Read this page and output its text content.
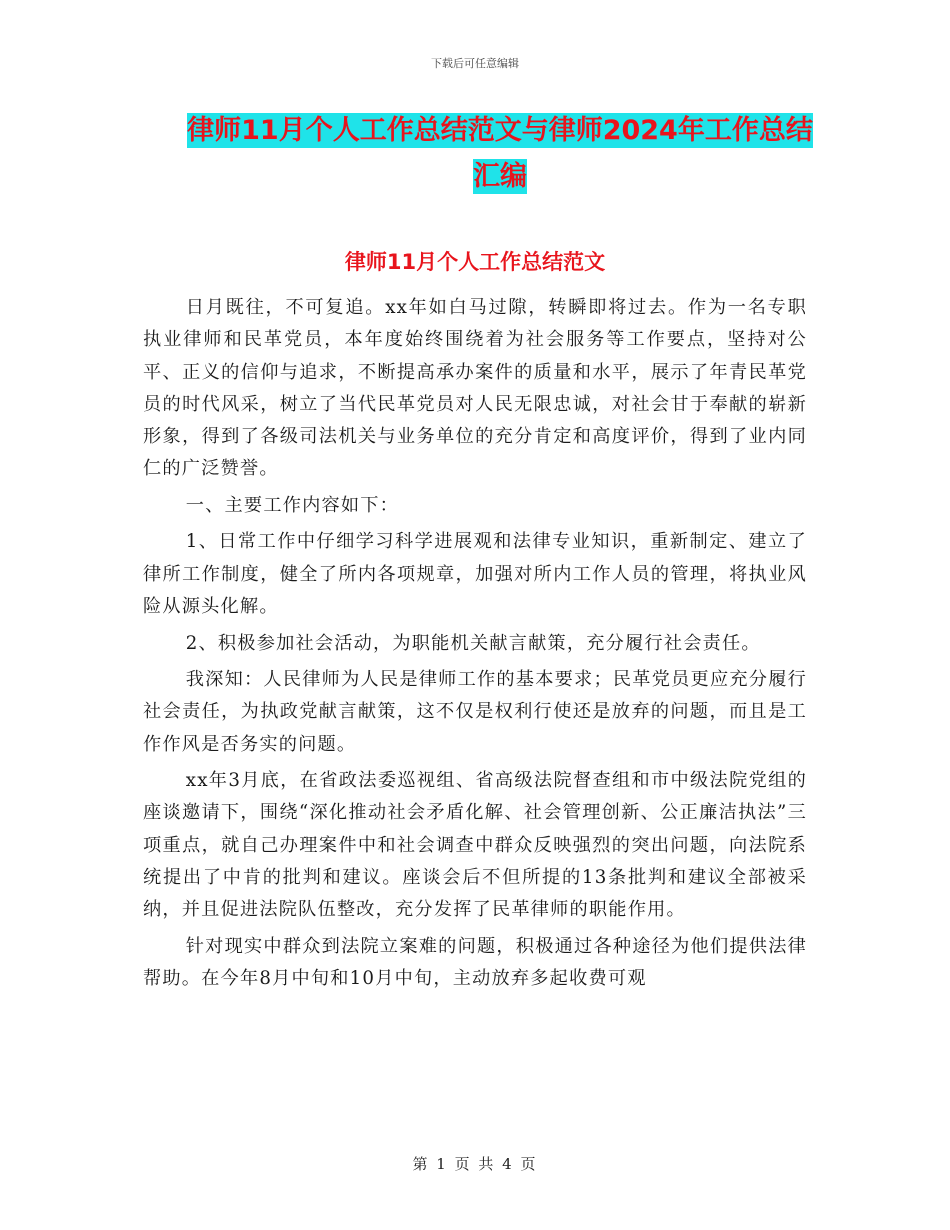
下载后可任意编辑
律师11月个人工作总结范文与律师2024年工作总结
汇编
律师11月个人工作总结范文

日月既往，不可复追。xx年如白马过隙，转瞬即将过去。作为一名专职执业律师和民革党员，本年度始终围绕着为社会服务等工作要点，坚持对公平、正义的信仰与追求，不断提高承办案件的质量和水平，展示了年青民革党员的时代风采，树立了当代民革党员对人民无限忠诚，对社会甘于奉献的崭新形象，得到了各级司法机关与业务单位的充分肯定和高度评价，得到了业内同仁的广泛赞誉。

一、主要工作内容如下：

1、日常工作中仔细学习科学进展观和法律专业知识，重新制定、建立了律所工作制度，健全了所内各项规章，加强对所内工作人员的管理，将执业风险从源头化解。

2、积极参加社会活动，为职能机关献言献策，充分履行社会责任。

我深知：人民律师为人民是律师工作的基本要求；民革党员更应充分履行社会责任，为执政党献言献策，这不仅是权利行使还是放弃的问题，而且是工作作风是否务实的问题。

xx年3月底，在省政法委巡视组、省高级法院督查组和市中级法院党组的座谈邀请下，围绕“深化推动社会矛盾化解、社会管理创新、公正廉洁执法”三项重点，就自己办理案件中和社会调查中群众反映强烈的突出问题，向法院系统提出了中肯的批判和建议。座谈会后不但所提的13条批判和建议全部被采纳，并且促进法院队伍整改，充分发挥了民革律师的职能作用。

针对现实中群众到法院立案难的问题，积极通过各种途径为他们提供法律帮助。在今年8月中旬和10月中旬，主动放弃多起收费可观

第 1 页 共 4 页
